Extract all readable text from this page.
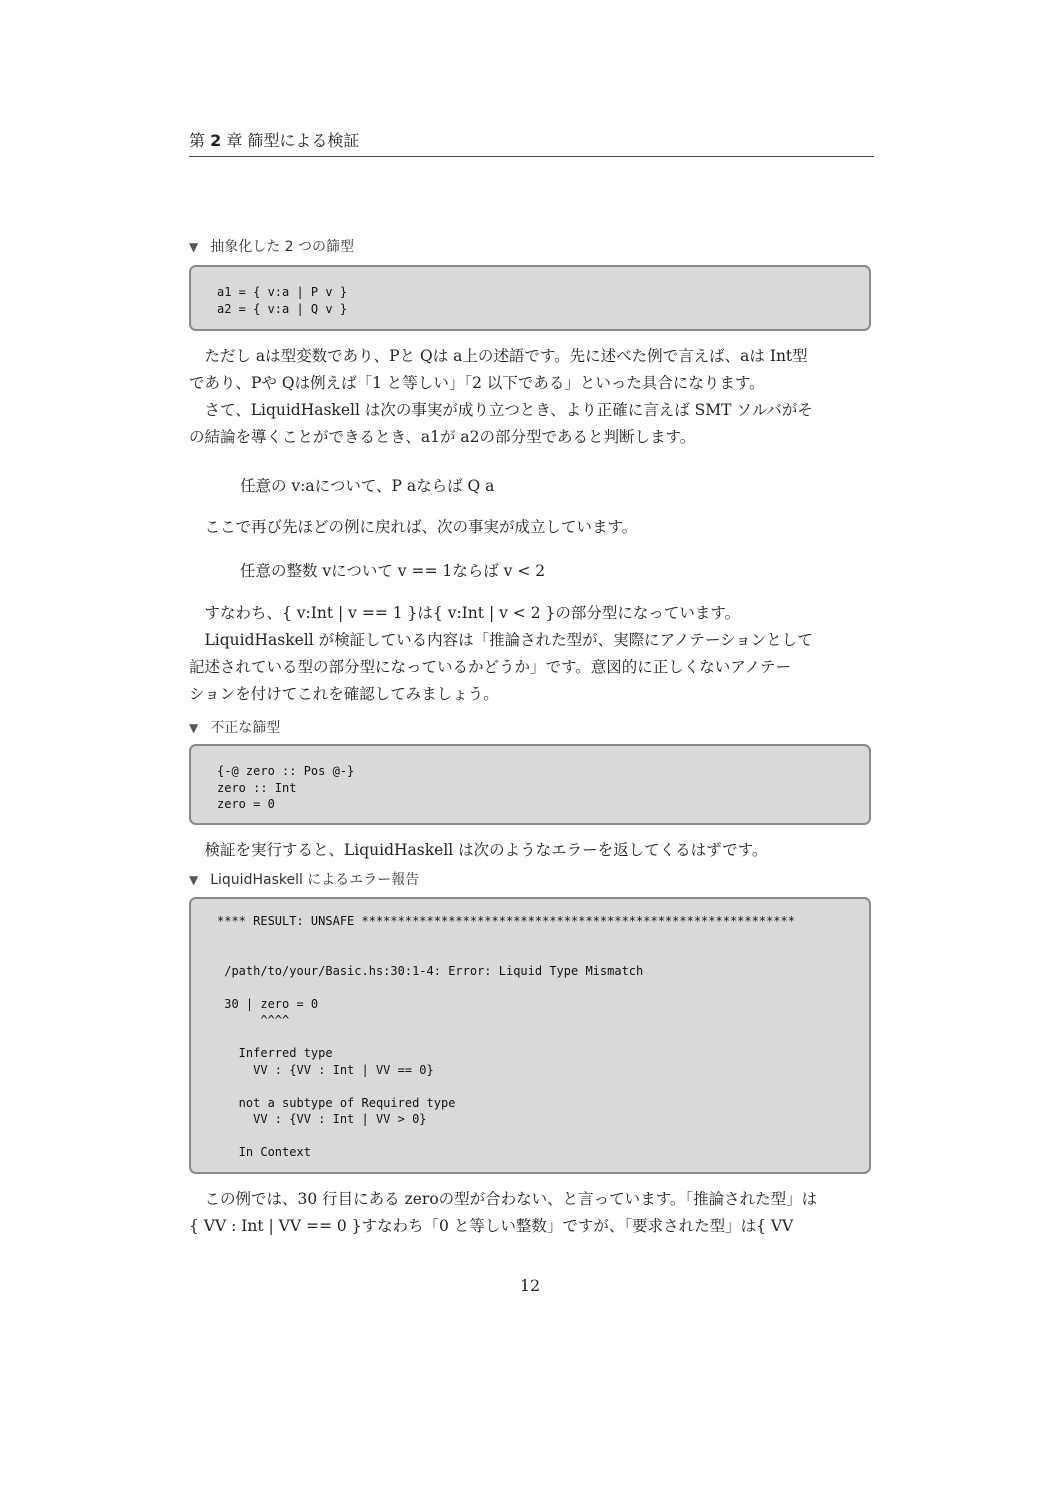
第 2 章 篩型による検証
▼ 抽象化した 2 つの篩型
a1 = { v:a | P v }
a2 = { v:a | Q v }
　ただし aは型変数であり、Pと Qは a上の述語です。先に述べた例で言えば、aは Int型
であり、Pや Qは例えば「1 と等しい」「2 以下である」といった具合になります。
　さて、LiquidHaskell は次の事実が成り立つとき、より正確に言えば SMT ソルバがそ
の結論を導くことができるとき、a1が a2の部分型であると判断します。
任意の v:aについて、P aならば Q a
　ここで再び先ほどの例に戻れば、次の事実が成立しています。
任意の整数 vについて v == 1ならば v < 2
　すなわち、{ v:Int | v == 1 }は{ v:Int | v < 2 }の部分型になっています。
　LiquidHaskell が検証している内容は「推論された型が、実際にアノテーションとして
記述されている型の部分型になっているかどうか」です。意図的に正しくないアノテー
ションを付けてこれを確認してみましょう。
▼ 不正な篩型
{-@ zero :: Pos @-}
zero :: Int
zero = 0
　検証を実行すると、LiquidHaskell は次のようなエラーを返してくるはずです。
▼ LiquidHaskell によるエラー報告
**** RESULT: UNSAFE ************************************************************

/path/to/your/Basic.hs:30:1-4: Error: Liquid Type Mismatch

30 | zero = 0
^^^^

Inferred type
VV : {VV : Int | VV == 0}

not a subtype of Required type
VV : {VV : Int | VV > 0}

In Context
　この例では、30 行目にある zeroの型が合わない、と言っています。「推論された型」は
{ VV : Int | VV == 0 }すなわち「0 と等しい整数」ですが、「要求された型」は{ VV
12
